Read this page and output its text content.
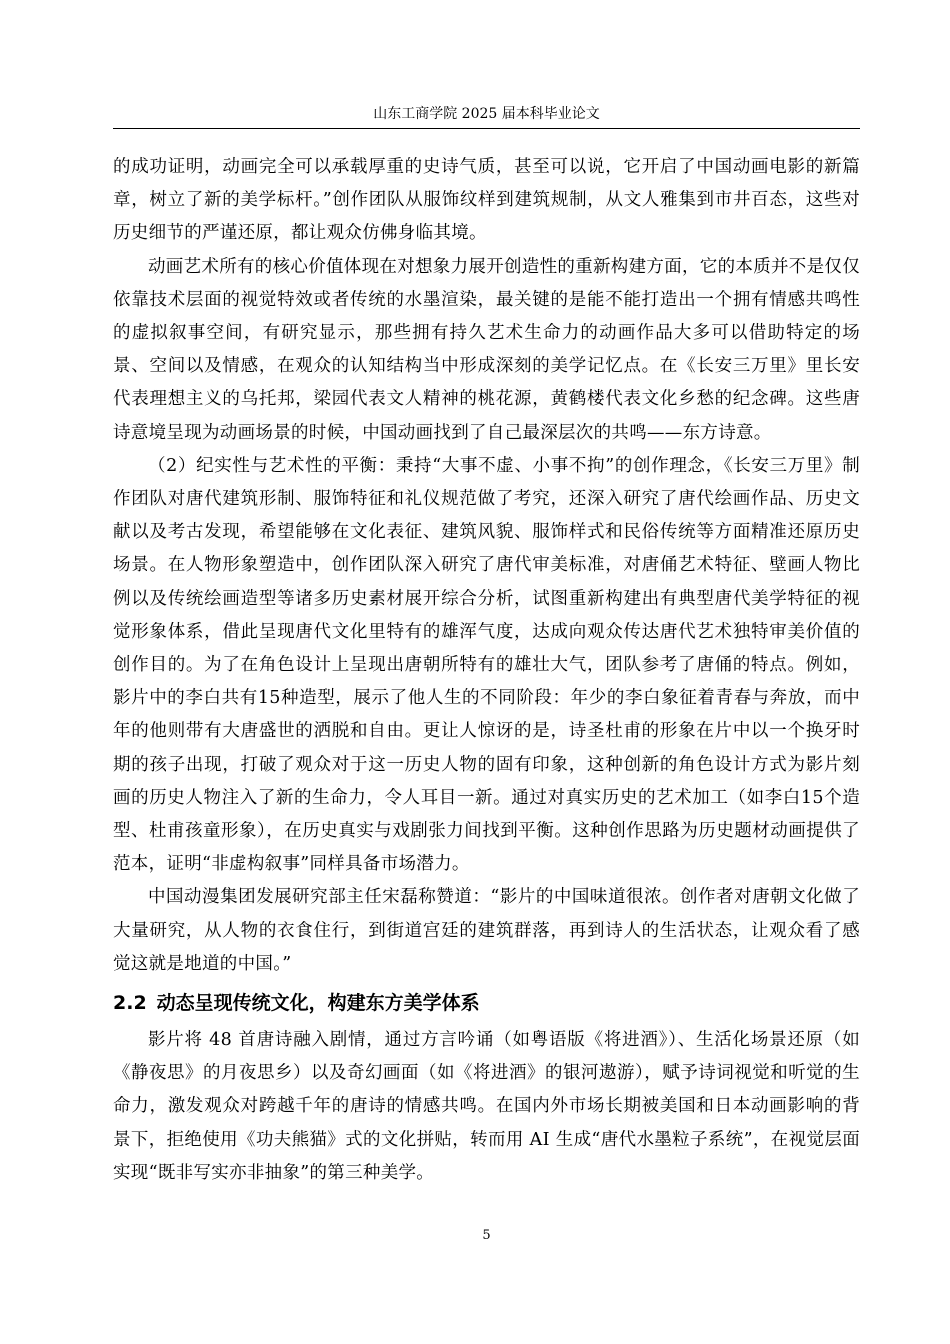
山东工商学院 2025 届本科毕业论文

的成功证明，动画完全可以承载厚重的史诗气质，甚至可以说，它开启了中国动画电影的新篇章，树立了新的美学标杆。”创作团队从服饰纹样到建筑规制，从文人雅集到市井百态，这些对历史细节的严谨还原，都让观众仿佛身临其境。

动画艺术所有的核心价值体现在对想象力展开创造性的重新构建方面，它的本质并不是仅仅依靠技术层面的视觉特效或者传统的水墨渲染，最关键的是能不能打造出一个拥有情感共鸣性的虚拟叙事空间，有研究显示，那些拥有持久艺术生命力的动画作品大多可以借助特定的场景、空间以及情感，在观众的认知结构当中形成深刻的美学记忆点。在《长安三万里》里长安代表理想主义的乌托邦，梁园代表文人精神的桃花源，黄鹤楼代表文化乡愁的纪念碑。这些唐诗意境呈现为动画场景的时候，中国动画找到了自己最深层次的共鸣——东方诗意。

（2）纪实性与艺术性的平衡：秉持“大事不虚、小事不拘”的创作理念，《长安三万里》制作团队对唐代建筑形制、服饰特征和礼仪规范做了考究，还深入研究了唐代绘画作品、历史文献以及考古发现，希望能够在文化表征、建筑风貌、服饰样式和民俗传统等方面精准还原历史场景。在人物形象塑造中，创作团队深入研究了唐代审美标准，对唐俑艺术特征、壁画人物比例以及传统绘画造型等诸多历史素材展开综合分析，试图重新构建出有典型唐代美学特征的视觉形象体系，借此呈现唐代文化里特有的雄浑气度，达成向观众传达唐代艺术独特审美价值的创作目的。为了在角色设计上呈现出唐朝所特有的雄壮大气，团队参考了唐俑的特点。例如，影片中的李白共有15种造型，展示了他人生的不同阶段：年少的李白象征着青春与奔放，而中年的他则带有大唐盛世的洒脱和自由。更让人惊讶的是，诗圣杜甫的形象在片中以一个换牙时期的孩子出现，打破了观众对于这一历史人物的固有印象，这种创新的角色设计方式为影片刻画的历史人物注入了新的生命力，令人耳目一新。通过对真实历史的艺术加工（如李白15个造型、杜甫孩童形象），在历史真实与戏剧张力间找到平衡。这种创作思路为历史题材动画提供了范本，证明“非虚构叙事”同样具备市场潜力。

中国动漫集团发展研究部主任宋磊称赞道：“影片的中国味道很浓。创作者对唐朝文化做了大量研究，从人物的衣食住行，到街道宫廷的建筑群落，再到诗人的生活状态，让观众看了感觉这就是地道的中国。”

2.2 动态呈现传统文化，构建东方美学体系

影片将 48 首唐诗融入剧情，通过方言吟诵（如粤语版《将进酒》）、生活化场景还原（如《静夜思》的月夜思乡）以及奇幻画面（如《将进酒》的银河遨游），赋予诗词视觉和听觉的生命力，激发观众对跨越千年的唐诗的情感共鸣。在国内外市场长期被美国和日本动画影响的背景下，拒绝使用《功夫熊猫》式的文化拼贴，转而用 AI 生成“唐代水墨粒子系统”，在视觉层面实现“既非写实亦非抽象”的第三种美学。

5
